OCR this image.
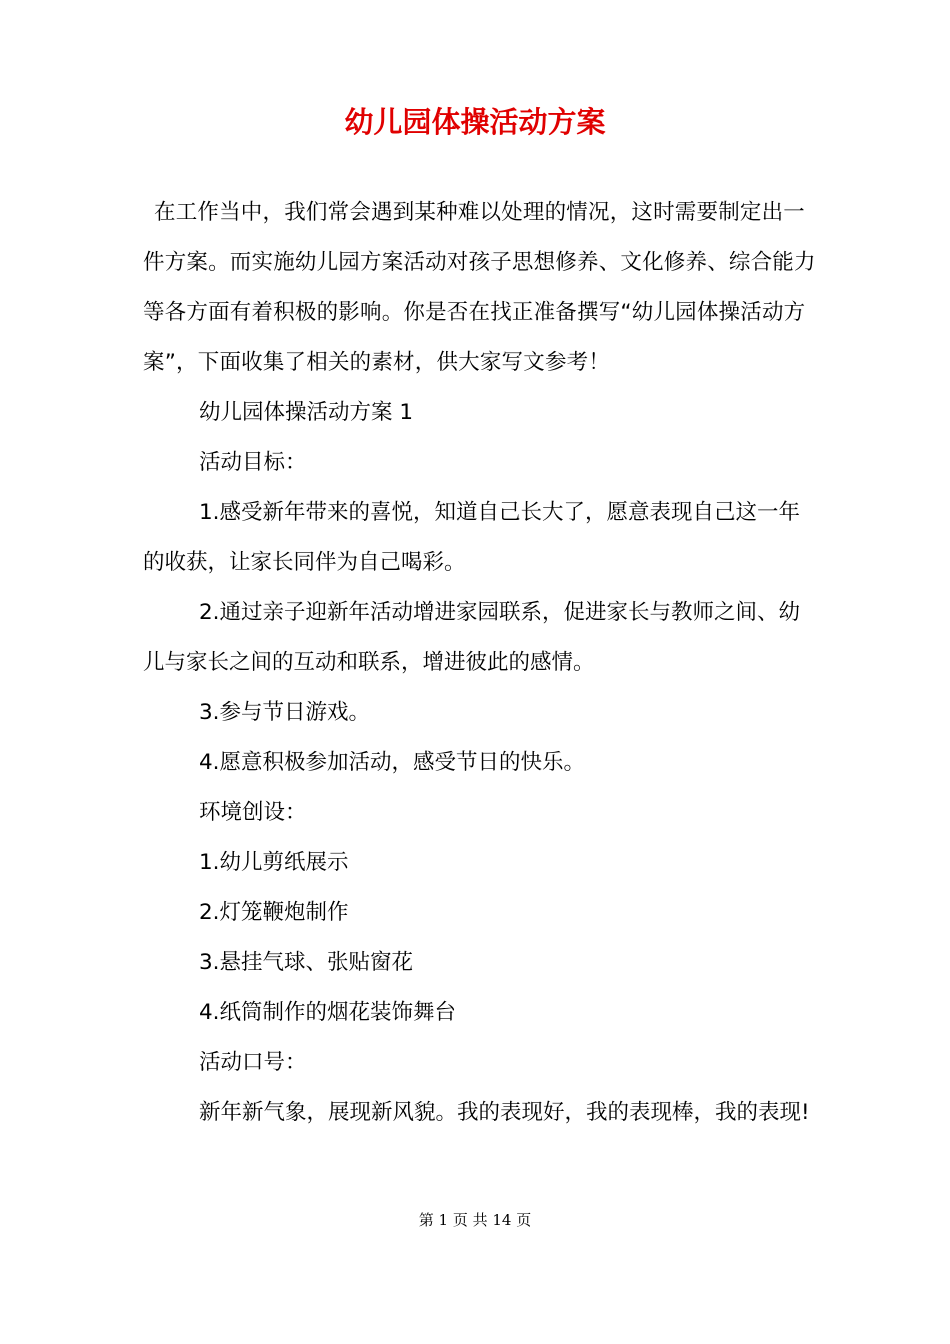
幼儿园体操活动方案

在工作当中，我们常会遇到某种难以处理的情况，这时需要制定出一件方案。而实施幼儿园方案活动对孩子思想修养、文化修养、综合能力等各方面有着积极的影响。你是否在找正准备撰写“幼儿园体操活动方案”，下面收集了相关的素材，供大家写文参考！

幼儿园体操活动方案 1

活动目标：

1.感受新年带来的喜悦，知道自己长大了，愿意表现自己这一年的收获，让家长同伴为自己喝彩。

2.通过亲子迎新年活动增进家园联系，促进家长与教师之间、幼儿与家长之间的互动和联系，增进彼此的感情。

3.参与节日游戏。

4.愿意积极参加活动，感受节日的快乐。

环境创设：

1.幼儿剪纸展示

2.灯笼鞭炮制作

3.悬挂气球、张贴窗花

4.纸筒制作的烟花装饰舞台

活动口号：

新年新气象，展现新风貌。我的表现好，我的表现棒，我的表现!

第 1 页 共 14 页
